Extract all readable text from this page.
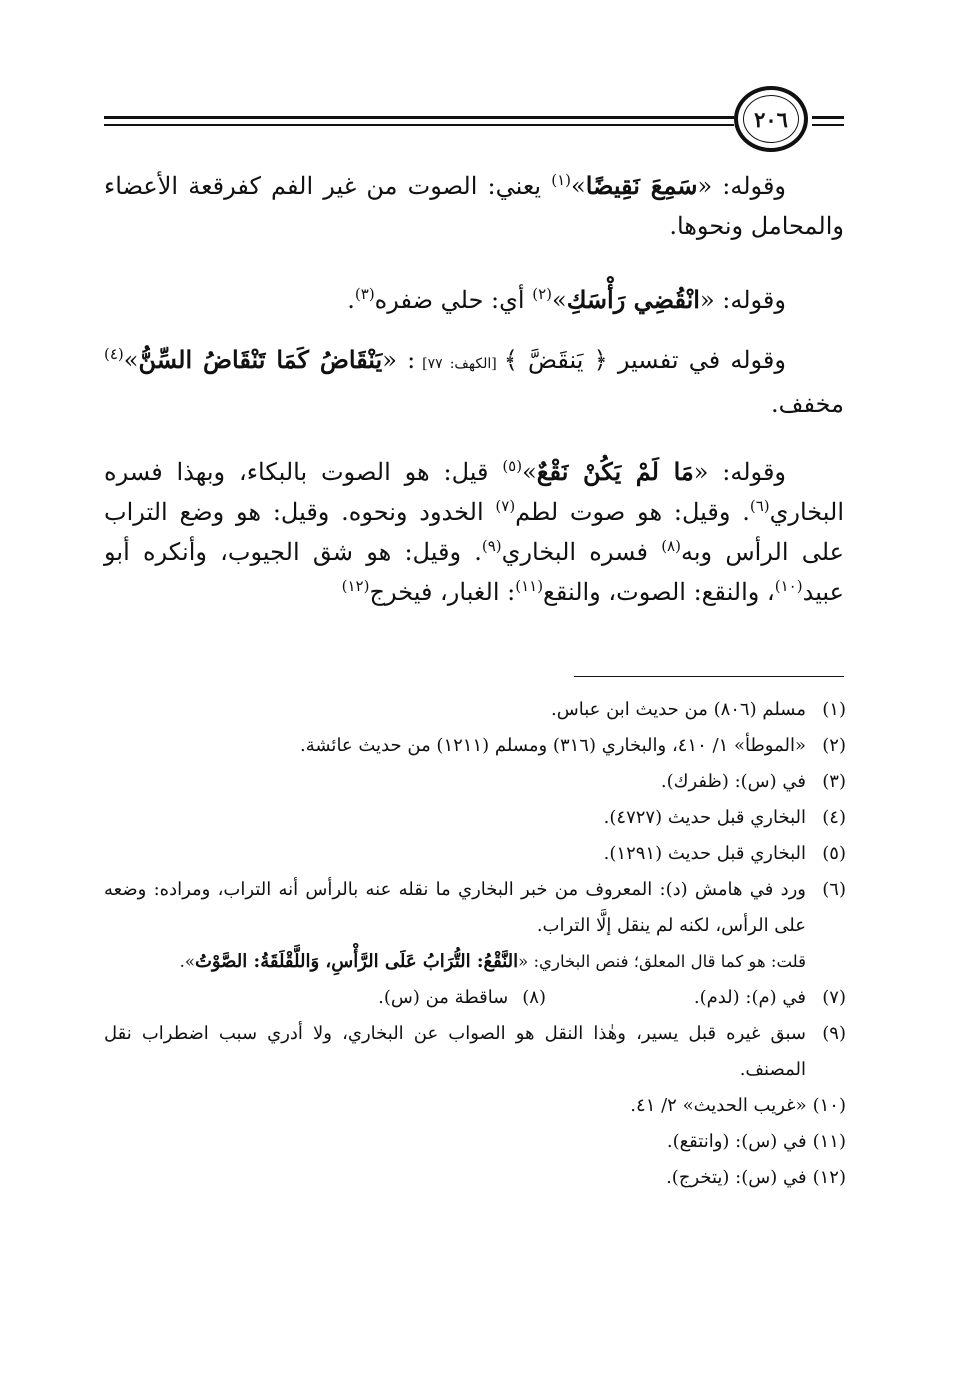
٢٠٦
وقوله: «سَمِعَ نَقِيضًا»$^{(١)}$ يعني: الصوت من غير الفم كفرقعة الأعضاء والمحامل ونحوها.
وقوله: «انْقُضِي رَأْسَكِ»$^{(٢)}$ أي: حلي ضفره$^{(٣)}$.
وقوله في تفسير ﴿ يَنقَضَّ ﴾ [الكهف: ٧٧] : «يَنْقَاضُ كَمَا تَنْقَاضُ السِّنُّ»$^{(٤)}$ مخفف.
وقوله: «مَا لَمْ يَكُنْ نَقْعٌ»$^{(٥)}$ قيل: هو الصوت بالبكاء، وبهذا فسره البخاري$^{(٦)}$. وقيل: هو صوت لطم$^{(٧)}$ الخدود ونحوه. وقيل: هو وضع التراب على الرأس وبه$^{(٨)}$ فسره البخاري$^{(٩)}$. وقيل: هو شق الجيوب، وأنكره أبو عبيد$^{(١٠)}$، والنقع: الصوت، والنقع$^{(١١)}$: الغبار، فيخرج$^{(١٢)}$
(١)
مسلم (٨٠٦) من حديث ابن عباس.
(٢)
«الموطأ» ١/ ٤١٠، والبخاري (٣١٦) ومسلم (١٢١١) من حديث عائشة.
(٣)
في (س): (ظفرك).
(٤)
البخاري قبل حديث (٤٧٢٧).
(٥)
البخاري قبل حديث (١٢٩١).
(٦)
ورد في هامش (د): المعروف من خبر البخاري ما نقله عنه بالرأس أنه التراب، ومراده: وضعه على الرأس، لكنه لم ينقل إلَّا التراب.
قلت: هو كما قال المعلق؛ فنص البخاري: «النَّقْعُ: التُّرَابُ عَلَى الرَّأْسِ، وَاللَّقْلَقَةُ: الصَّوْتُ».
(٧)
في (م): (لدم).
(٨)
ساقطة من (س).
(٩)
سبق غيره قبل يسير، وهٰذا النقل هو الصواب عن البخاري، ولا أدري سبب اضطراب نقل المصنف.
(١٠)
«غريب الحديث» ٢/ ٤١.
(١١)
في (س): (وانتقع).
(١٢)
في (س): (يتخرج).
